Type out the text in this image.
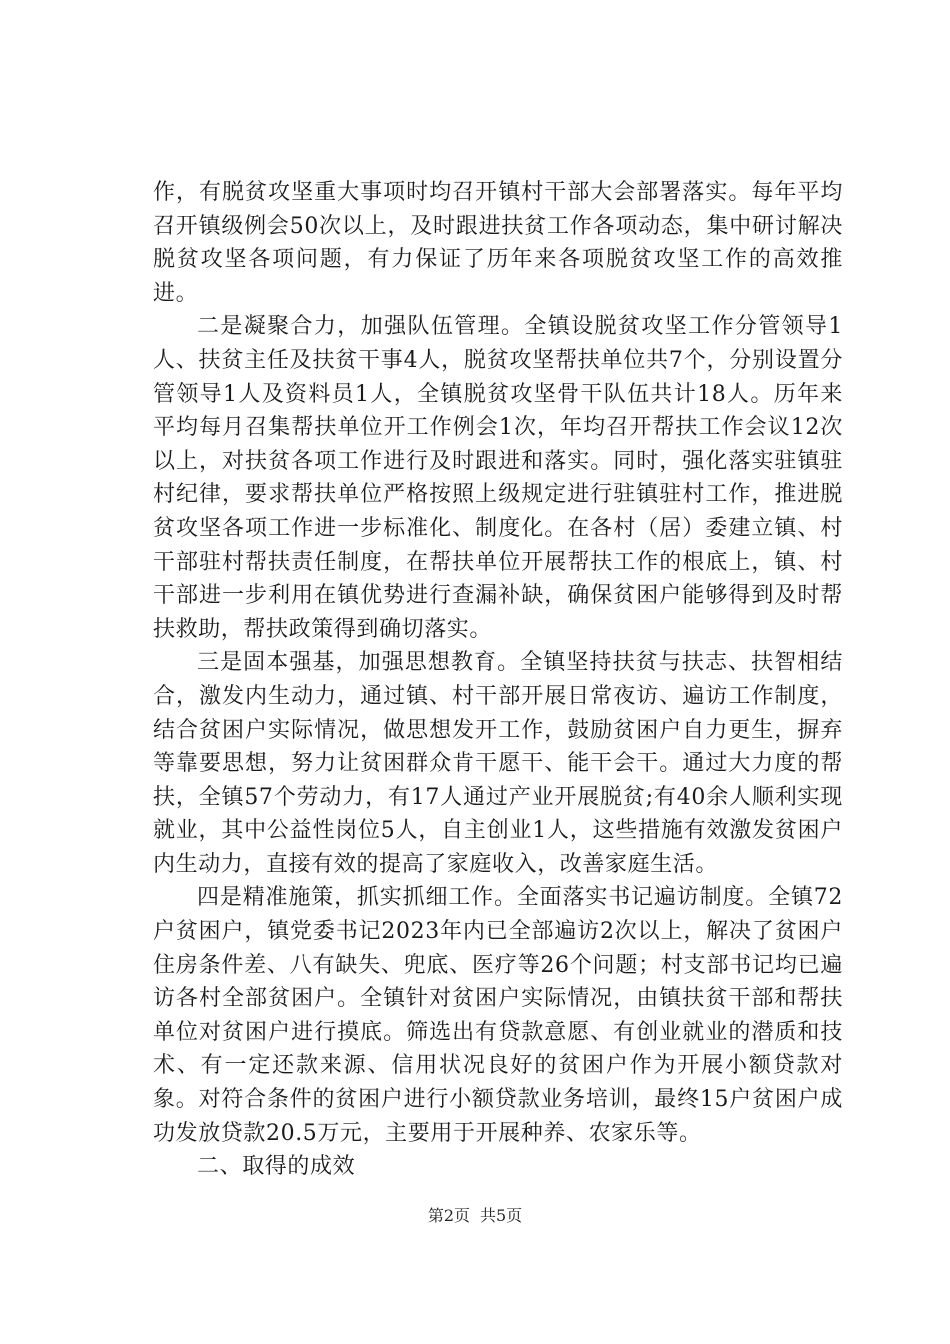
作，有脱贫攻坚重大事项时均召开镇村干部大会部署落实。每年平均召开镇级例会50次以上，及时跟进扶贫工作各项动态，集中研讨解决脱贫攻坚各项问题，有力保证了历年来各项脱贫攻坚工作的高效推进。

二是凝聚合力，加强队伍管理。全镇设脱贫攻坚工作分管领导1人、扶贫主任及扶贫干事4人，脱贫攻坚帮扶单位共7个，分别设置分管领导1人及资料员1人，全镇脱贫攻坚骨干队伍共计18人。历年来平均每月召集帮扶单位开工作例会1次，年均召开帮扶工作会议12次以上，对扶贫各项工作进行及时跟进和落实。同时，强化落实驻镇驻村纪律，要求帮扶单位严格按照上级规定进行驻镇驻村工作，推进脱贫攻坚各项工作进一步标准化、制度化。在各村（居）委建立镇、村干部驻村帮扶责任制度，在帮扶单位开展帮扶工作的根底上，镇、村干部进一步利用在镇优势进行查漏补缺，确保贫困户能够得到及时帮扶救助，帮扶政策得到确切落实。

三是固本强基，加强思想教育。全镇坚持扶贫与扶志、扶智相结合，激发内生动力，通过镇、村干部开展日常夜访、遍访工作制度，结合贫困户实际情况，做思想发开工作，鼓励贫困户自力更生，摒弃等靠要思想，努力让贫困群众肯干愿干、能干会干。通过大力度的帮扶，全镇57个劳动力，有17人通过产业开展脱贫;有40余人顺利实现就业，其中公益性岗位5人，自主创业1人，这些措施有效激发贫困户内生动力，直接有效的提高了家庭收入，改善家庭生活。

四是精准施策，抓实抓细工作。全面落实书记遍访制度。全镇72户贫困户，镇党委书记2023年内已全部遍访2次以上，解决了贫困户住房条件差、八有缺失、兜底、医疗等26个问题；村支部书记均已遍访各村全部贫困户。全镇针对贫困户实际情况，由镇扶贫干部和帮扶单位对贫困户进行摸底。筛选出有贷款意愿、有创业就业的潜质和技术、有一定还款来源、信用状况良好的贫困户作为开展小额贷款对象。对符合条件的贫困户进行小额贷款业务培训，最终15户贫困户成功发放贷款20.5万元，主要用于开展种养、农家乐等。

二、取得的成效

第2页 共5页
